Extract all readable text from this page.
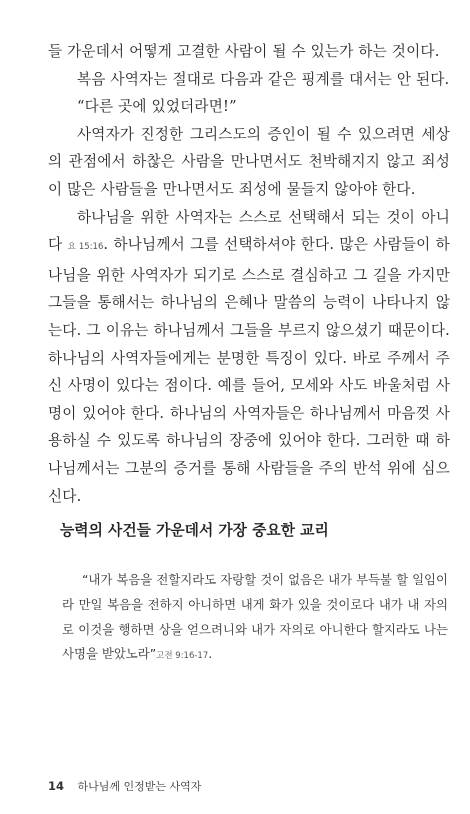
들 가운데서 어떻게 고결한 사람이 될 수 있는가 하는 것이다.

복음 사역자는 절대로 다음과 같은 핑계를 대서는 안 된다.

“다른 곳에 있었더라면!”

사역자가 진정한 그리스도의 증인이 될 수 있으려면 세상의 관점에서 하찮은 사람을 만나면서도 천박해지지 않고 죄성이 많은 사람들을 만나면서도 죄성에 물들지 않아야 한다.

하나님을 위한 사역자는 스스로 선택해서 되는 것이 아니다 요 15:16. 하나님께서 그를 선택하셔야 한다. 많은 사람들이 하나님을 위한 사역자가 되기로 스스로 결심하고 그 길을 가지만 그들을 통해서는 하나님의 은혜나 말씀의 능력이 나타나지 않는다. 그 이유는 하나님께서 그들을 부르지 않으셨기 때문이다. 하나님의 사역자들에게는 분명한 특징이 있다. 바로 주께서 주신 사명이 있다는 점이다. 예를 들어, 모세와 사도 바울처럼 사명이 있어야 한다. 하나님의 사역자들은 하나님께서 마음껏 사용하실 수 있도록 하나님의 장중에 있어야 한다. 그러한 때 하나님께서는 그분의 증거를 통해 사람들을 주의 반석 위에 심으신다.

능력의 사건들 가운데서 가장 중요한 교리
“내가 복음을 전할지라도 자랑할 것이 없음은 내가 부득불 할 일임이라 만일 복음을 전하지 아니하면 내게 화가 있을 것이로다 내가 내 자의로 이것을 행하면 상을 얻으려니와 내가 자의로 아니한다 할지라도 나는 사명을 받았노라”고전 9:16-17.
14 하나님께 인정받는 사역자
